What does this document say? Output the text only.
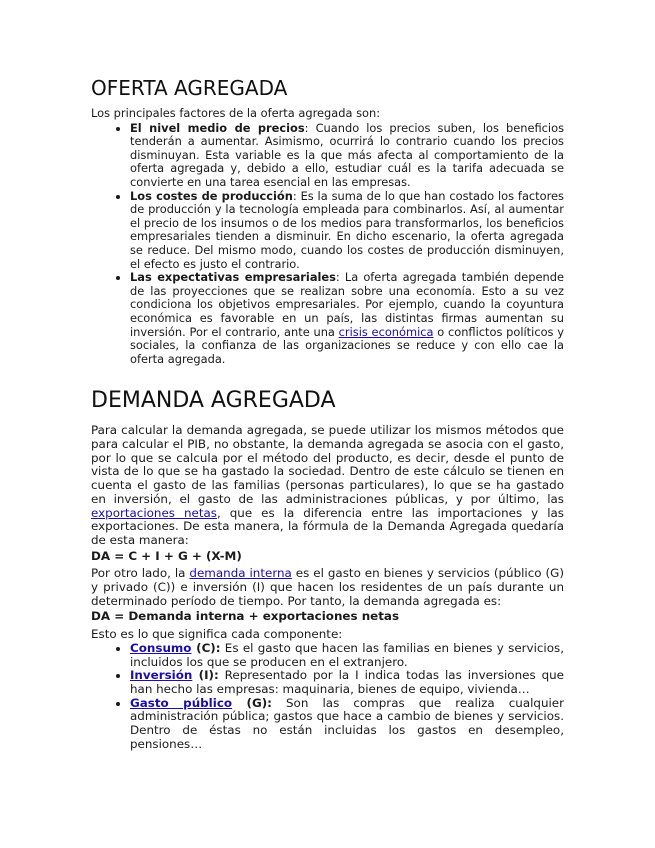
OFERTA AGREGADA

Los principales factores de la oferta agregada son:

• El nivel medio de precios: Cuando los precios suben, los beneficios tenderán a aumentar. Asimismo, ocurrirá lo contrario cuando los precios disminuyan. Esta variable es la que más afecta al comportamiento de la oferta agregada y, debido a ello, estudiar cuál es la tarifa adecuada se convierte en una tarea esencial en las empresas.
• Los costes de producción: Es la suma de lo que han costado los factores de producción y la tecnología empleada para combinarlos. Así, al aumentar el precio de los insumos o de los medios para transformarlos, los beneficios empresariales tienden a disminuir. En dicho escenario, la oferta agregada se reduce. Del mismo modo, cuando los costes de producción disminuyen, el efecto es justo el contrario.
• Las expectativas empresariales: La oferta agregada también depende de las proyecciones que se realizan sobre una economía. Esto a su vez condiciona los objetivos empresariales. Por ejemplo, cuando la coyuntura económica es favorable en un país, las distintas firmas aumentan su inversión. Por el contrario, ante una crisis económica o conflictos políticos y sociales, la confianza de las organizaciones se reduce y con ello cae la oferta agregada.
DEMANDA AGREGADA

Para calcular la demanda agregada, se puede utilizar los mismos métodos que para calcular el PIB, no obstante, la demanda agregada se asocia con el gasto, por lo que se calcula por el método del producto, es decir, desde el punto de vista de lo que se ha gastado la sociedad. Dentro de este cálculo se tienen en cuenta el gasto de las familias (personas particulares), lo que se ha gastado en inversión, el gasto de las administraciones públicas, y por último, las exportaciones netas, que es la diferencia entre las importaciones y las exportaciones. De esta manera, la fórmula de la Demanda Agregada quedaría de esta manera:

DA = C + I + G + (X-M)

Por otro lado, la demanda interna es el gasto en bienes y servicios (público (G) y privado (C)) e inversión (I) que hacen los residentes de un país durante un determinado período de tiempo. Por tanto, la demanda agregada es:

DA = Demanda interna + exportaciones netas

Esto es lo que significa cada componente:

• Consumo (C): Es el gasto que hacen las familias en bienes y servicios, incluidos los que se producen en el extranjero.
• Inversión (I): Representado por la I indica todas las inversiones que han hecho las empresas: maquinaria, bienes de equipo, vivienda…
• Gasto público (G): Son las compras que realiza cualquier administración pública; gastos que hace a cambio de bienes y servicios. Dentro de éstas no están incluidas los gastos en desempleo, pensiones…
